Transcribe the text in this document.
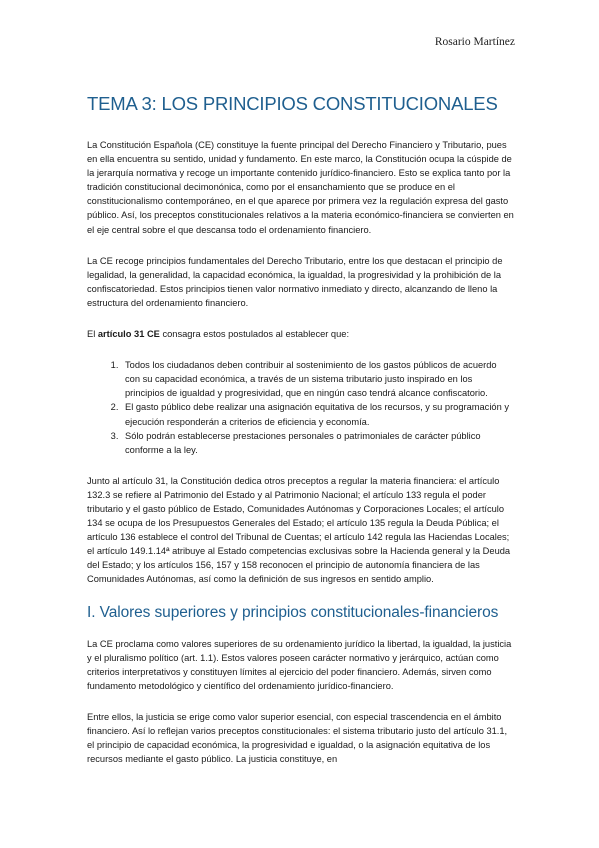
Rosario Martínez
TEMA 3: LOS PRINCIPIOS CONSTITUCIONALES

La Constitución Española (CE) constituye la fuente principal del Derecho Financiero y Tributario, pues en ella encuentra su sentido, unidad y fundamento. En este marco, la Constitución ocupa la cúspide de la jerarquía normativa y recoge un importante contenido jurídico-financiero. Esto se explica tanto por la tradición constitucional decimonónica, como por el ensanchamiento que se produce en el constitucionalismo contemporáneo, en el que aparece por primera vez la regulación expresa del gasto público. Así, los preceptos constitucionales relativos a la materia económico-financiera se convierten en el eje central sobre el que descansa todo el ordenamiento financiero.

La CE recoge principios fundamentales del Derecho Tributario, entre los que destacan el principio de legalidad, la generalidad, la capacidad económica, la igualdad, la progresividad y la prohibición de la confiscatoriedad. Estos principios tienen valor normativo inmediato y directo, alcanzando de lleno la estructura del ordenamiento financiero.

El artículo 31 CE consagra estos postulados al establecer que:

1. Todos los ciudadanos deben contribuir al sostenimiento de los gastos públicos de acuerdo con su capacidad económica, a través de un sistema tributario justo inspirado en los principios de igualdad y progresividad, que en ningún caso tendrá alcance confiscatorio.
2. El gasto público debe realizar una asignación equitativa de los recursos, y su programación y ejecución responderán a criterios de eficiencia y economía.
3. Sólo podrán establecerse prestaciones personales o patrimoniales de carácter público conforme a la ley.

Junto al artículo 31, la Constitución dedica otros preceptos a regular la materia financiera: el artículo 132.3 se refiere al Patrimonio del Estado y al Patrimonio Nacional; el artículo 133 regula el poder tributario y el gasto público de Estado, Comunidades Autónomas y Corporaciones Locales; el artículo 134 se ocupa de los Presupuestos Generales del Estado; el artículo 135 regula la Deuda Pública; el artículo 136 establece el control del Tribunal de Cuentas; el artículo 142 regula las Haciendas Locales; el artículo 149.1.14ª atribuye al Estado competencias exclusivas sobre la Hacienda general y la Deuda del Estado; y los artículos 156, 157 y 158 reconocen el principio de autonomía financiera de las Comunidades Autónomas, así como la definición de sus ingresos en sentido amplio.

I. Valores superiores y principios constitucionales-financieros

La CE proclama como valores superiores de su ordenamiento jurídico la libertad, la igualdad, la justicia y el pluralismo político (art. 1.1). Estos valores poseen carácter normativo y jerárquico, actúan como criterios interpretativos y constituyen límites al ejercicio del poder financiero. Además, sirven como fundamento metodológico y científico del ordenamiento jurídico-financiero.

Entre ellos, la justicia se erige como valor superior esencial, con especial trascendencia en el ámbito financiero. Así lo reflejan varios preceptos constitucionales: el sistema tributario justo del artículo 31.1, el principio de capacidad económica, la progresividad e igualdad, o la asignación equitativa de los recursos mediante el gasto público. La justicia constituye, en
